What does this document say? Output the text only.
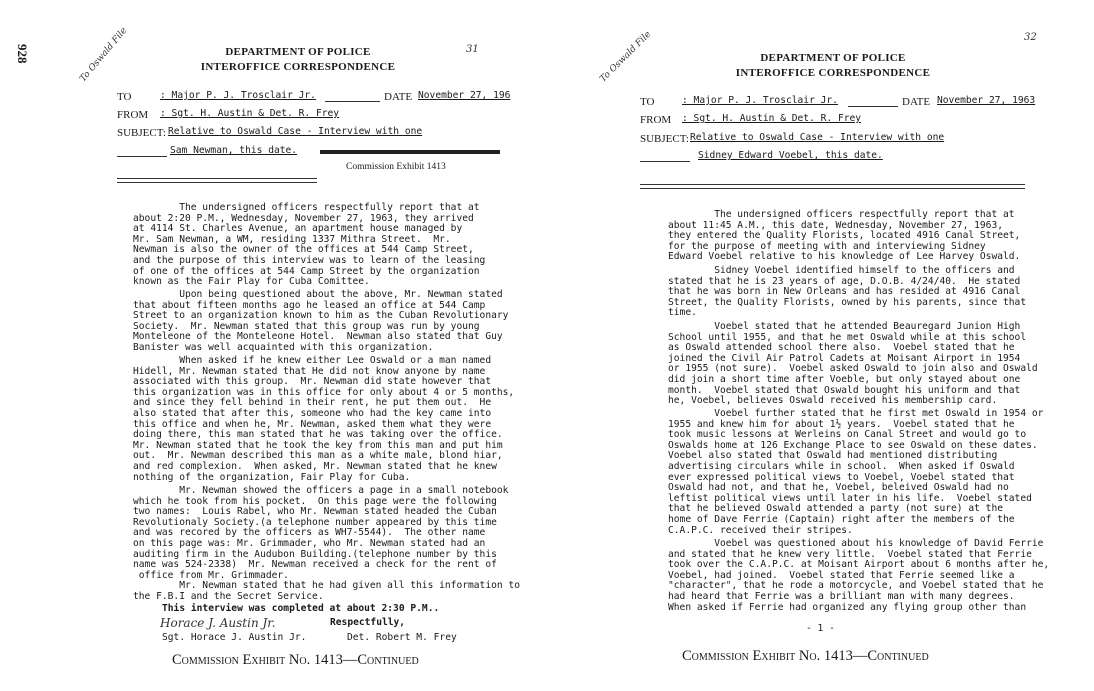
928	To Oswald File	31
DEPARTMENT OF POLICE
INTEROFFICE CORRESPONDENCE
TO	: Major P. J. Trosclair Jr.	DATE November 27, 196
FROM : Sgt. H. Austin & Det. R. Frey
SUBJECT: Relative to Oswald Case - Interview with one
Sam Newman, this date.
Commission Exhibit 1413
The undersigned officers respectfully report that at
about 2:20 P.M., Wednesday, November 27, 1963, they arrived
at 4114 St. Charles Avenue, an apartment house managed by
Mr. Sam Newman, a WM, residing 1337 Mithra Street.  Mr.
Newman is also the owner of the offices at 544 Camp Street,
and the purpose of this interview was to learn of the leasing
of one of the offices at 544 Camp Street by the organization
known as the Fair Play for Cuba Comittee.
Upon being questioned about the above, Mr. Newman stated
that about fifteen months ago he leased an office at 544 Camp
Street to an organization known to him as the Cuban Revolutionary
Society.  Mr. Newman stated that this group was run by young
Monteleone of the Monteleone Hotel.  Newman also stated that Guy
Banister was well acquainted with this organization.
When asked if he knew either Lee Oswald or a man named
Hidell, Mr. Newman stated that He did not know anyone by name
associated with this group.  Mr. Newman did state however that
this organization was in this office for only about 4 or 5 months,
and since they fell behind in their rent, he put them out.  He
also stated that after this, someone who had the key came into
this office and when he, Mr. Newman, asked them what they were
doing there, this man stated that he was taking over the office.
Mr. Newman stated that he took the key from this man and put him
out.  Mr. Newman described this man as a white male, blond hiar,
and red complexion.  When asked, Mr. Newman stated that he knew
nothing of the organization, Fair Play for Cuba.
Mr. Newman showed the officers a page in a small notebook
which he took from his pocket.  On this page were the following
two names:  Louis Rabel, who Mr. Newman stated headed the Cuban
Revolutionaly Society.(a telephone number appeared by this time
and was recored by the officers as WH7-5544).  The other name
on this page was: Mr. Grimmader, who Mr. Newman stated had an
auditing firm in the Audubon Building.(telephone number by this
name was 524-2338)  Mr. Newman received a check for the rent of
office from Mr. Grimmader.
Mr. Newman stated that he had given all this information to
the F.B.I and the Secret Service.
This interview was completed at about 2:30 P.M..
Horace J. Austin Jr.	Respectfully,
Sgt. Horace J. Austin Jr.	Det. Robert M. Frey
Commission Exhibit No. 1413—Continued
To Oswald File	32
DEPARTMENT OF POLICE
INTEROFFICE CORRESPONDENCE
TO	: Major P. J. Trosclair Jr.	DATE November 27, 1963
FROM : Sgt. H. Austin & Det. R. Frey
SUBJECT: Relative to Oswald Case - Interview with one
Sidney Edward Voebel, this date.
The undersigned officers respectfully report that at
about 11:45 A.M., this date, Wednesday, November 27, 1963,
they entered the Quality Florists, located 4916 Canal Street,
for the purpose of meeting with and interviewing Sidney
Edward Voebel relative to his knowledge of Lee Harvey Oswald.
Sidney Voebel identified himself to the officers and
stated that he is 23 years of age, D.O.B. 4/24/40.  He stated
that he was born in New Orleans and has resided at 4916 Canal
Street, the Quality Florists, owned by his parents, since that
time.
Voebel stated that he attended Beauregard Junion High
School until 1955, and that he met Oswald while at this school
as Oswald attended school there also.  Voebel stated that he
joined the Civil Air Patrol Cadets at Moisant Airport in 1954
or 1955 (not sure).  Voebel asked Oswald to join also and Oswald
did join a short time after Voeble, but only stayed about one
month.  Voebel stated that Oswald bought his uniform and that
he, Voebel, believes Oswald received his membership card.
Voebel further stated that he first met Oswald in 1954 or
1955 and knew him for about 1½ years.  Voebel stated that he
took music lessons at Werleins on Canal Street and would go to
Oswalds home at 126 Exchange Place to see Oswald on these dates.
Voebel also stated that Oswald had mentioned distributing
advertising circulars while in school.  When asked if Oswald
ever expressed political views to Voebel, Voebel stated that
Oswald had not, and that he, Voebel, beleived Oswald had no
leftist political views until later in his life.  Voebel stated
that he believed Oswald attended a party (not sure) at the
home of Dave Ferrie (Captain) right after the members of the
C.A.P.C. received their stripes.
Voebel was questioned about his knowledge of David Ferrie
and stated that he knew very little.  Voebel stated that Ferrie
took over the C.A.P.C. at Moisant Airport about 6 months after he,
Voebel, had joined.  Voebel stated that Ferrie seemed like a
"character", that he rode a motorcycle, and Voebel stated that he
had heard that Ferrie was a brilliant man with many degrees.
When asked if Ferrie had organized any flying group other than
- 1 -
Commission Exhibit No. 1413—Continued
